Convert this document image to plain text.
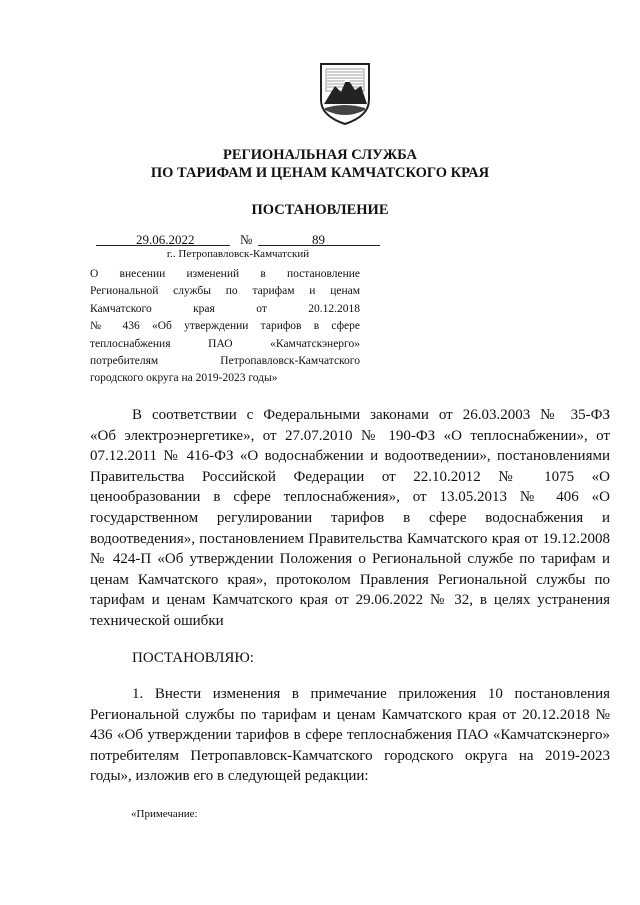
РЕГИОНАЛЬНАЯ СЛУЖБА
ПО ТАРИФАМ И ЦЕНАМ КАМЧАТСКОГО КРАЯ
ПОСТАНОВЛЕНИЕ
29.06.2022	№	89
г.. Петропавловск-Камчатский
О внесении изменений в постановление
Региональной службы по тарифам и ценам
Камчатского края от 20.12.2018
№ 436 «Об утверждении тарифов в сфере
теплоснабжения ПАО «Камчатскэнерго»
потребителям Петропавловск-Камчатского
городского округа на 2019-2023 годы»
В соответствии с Федеральными законами от 26.03.2003 № 35-ФЗ
«Об электроэнергетике», от 27.07.2010 № 190-ФЗ «О теплоснабжении», от
07.12.2011 № 416-ФЗ «О водоснабжении и водоотведении», постановлениями
Правительства Российской Федерации от 22.10.2012 № 1075 «О
ценообразовании в сфере теплоснабжения», от 13.05.2013 № 406 «О
государственном регулировании тарифов в сфере водоснабжения и
водоотведения», постановлением Правительства Камчатского края от 19.12.2008
№ 424-П «Об утверждении Положения о Региональной службе по тарифам и
ценам Камчатского края», протоколом Правления Региональной службы по
тарифам и ценам Камчатского края от 29.06.2022 № 32, в целях устранения
технической ошибки
ПОСТАНОВЛЯЮ:
1. Внести изменения в примечание приложения 10 постановления
Региональной службы по тарифам и ценам Камчатского края от 20.12.2018 №
436 «Об утверждении тарифов в сфере теплоснабжения ПАО «Камчатскэнерго»
потребителям Петропавловск-Камчатского городского округа на 2019-2023
годы», изложив его в следующей редакции:
«Примечание:
